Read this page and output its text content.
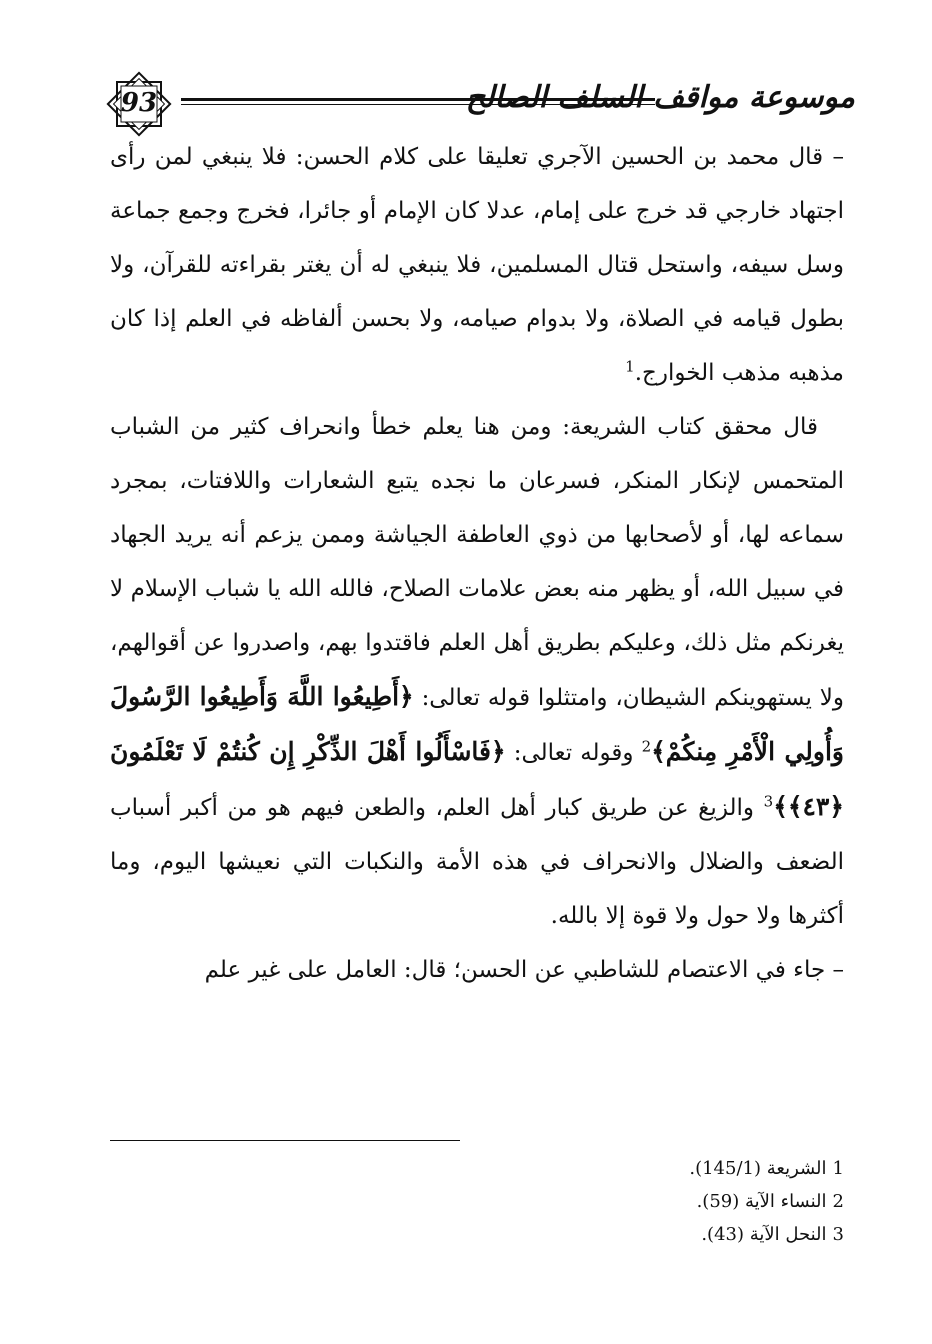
93	موسوعة مواقف السلف الصالح

– قال محمد بن الحسين الآجري تعليقا على كلام الحسن: فلا ينبغي لمن رأى اجتهاد خارجي قد خرج على إمام، عدلا كان الإمام أو جائرا، فخرج وجمع جماعة وسل سيفه، واستحل قتال المسلمين، فلا ينبغي له أن يغتر بقراءته للقرآن، ولا بطول قيامه في الصلاة، ولا بدوام صيامه، ولا بحسن ألفاظه في العلم إذا كان مذهبه مذهب الخوارج.$^1$

قال محقق كتاب الشريعة: ومن هنا يعلم خطأ وانحراف كثير من الشباب المتحمس لإنكار المنكر، فسرعان ما نجده يتبع الشعارات واللافتات، بمجرد سماعه لها، أو لأصحابها من ذوي العاطفة الجياشة وممن يزعم أنه يريد الجهاد في سبيل الله، أو يظهر منه بعض علامات الصلاح، فالله الله يا شباب الإسلام لا يغرنكم مثل ذلك، وعليكم بطريق أهل العلم فاقتدوا بهم، واصدروا عن أقوالهم، ولا يستهوينكم الشيطان، وامتثلوا قوله تعالى: ﴿أَطِيعُوا اللَّهَ وَأَطِيعُوا الرَّسُولَ وَأُولِي الْأَمْرِ مِنكُمْ﴾$^2$ وقوله تعالى: ﴿فَاسْأَلُوا أَهْلَ الذِّكْرِ إِن كُنتُمْ لَا تَعْلَمُونَ ﴿٤٣﴾﴾$^3$ والزيغ عن طريق كبار أهل العلم، والطعن فيهم هو من أكبر أسباب الضعف والضلال والانحراف في هذه الأمة والنكبات التي نعيشها اليوم، وما أكثرها ولا حول ولا قوة إلا بالله.

– جاء في الاعتصام للشاطبي عن الحسن؛ قال: العامل على غير علم

1الشريعة (145/1).
2النساء الآية (59).
3النحل الآية (43).
